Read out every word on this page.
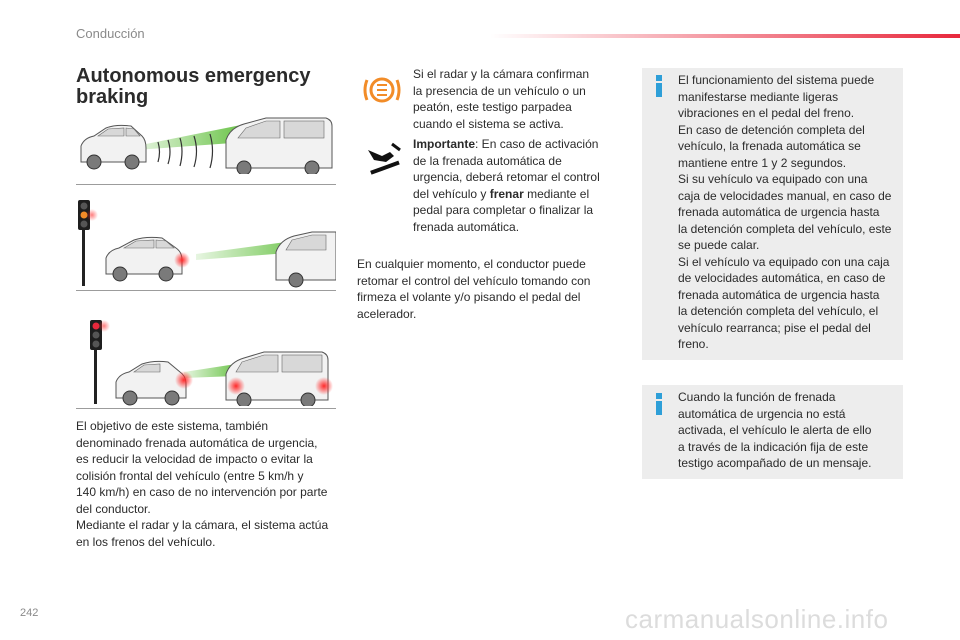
Conducción
Autonomous emergency
braking
El objetivo de este sistema, también
denominado frenada automática de urgencia,
es reducir la velocidad de impacto o evitar la
colisión frontal del vehículo (entre 5 km/h y
140 km/h) en caso de no intervención por parte
del conductor.
Mediante el radar y la cámara, el sistema actúa
en los frenos del vehículo.
Si el radar y la cámara confirman
la presencia de un vehículo o un
peatón, este testigo parpadea
cuando el sistema se activa.
Importante: En caso de activación
de la frenada automática de
urgencia, deberá retomar el control
del vehículo y frenar mediante el
pedal para completar o finalizar la
frenada automática.
En cualquier momento, el conductor puede
retomar el control del vehículo tomando con
firmeza el volante y/o pisando el pedal del
acelerador.
El funcionamiento del sistema puede
manifestarse mediante ligeras
vibraciones en el pedal del freno.
En caso de detención completa del
vehículo, la frenada automática se
mantiene entre 1 y 2 segundos.
Si su vehículo va equipado con una
caja de velocidades manual, en caso de
frenada automática de urgencia hasta
la detención completa del vehículo, este
se puede calar.
Si el vehículo va equipado con una caja
de velocidades automática, en caso de
frenada automática de urgencia hasta
la detención completa del vehículo, el
vehículo rearranca; pise el pedal del
freno.
Cuando la función de frenada
automática de urgencia no está
activada, el vehículo le alerta de ello
a través de la indicación fija de este
testigo acompañado de un mensaje.
242	carmanualsonline.info
